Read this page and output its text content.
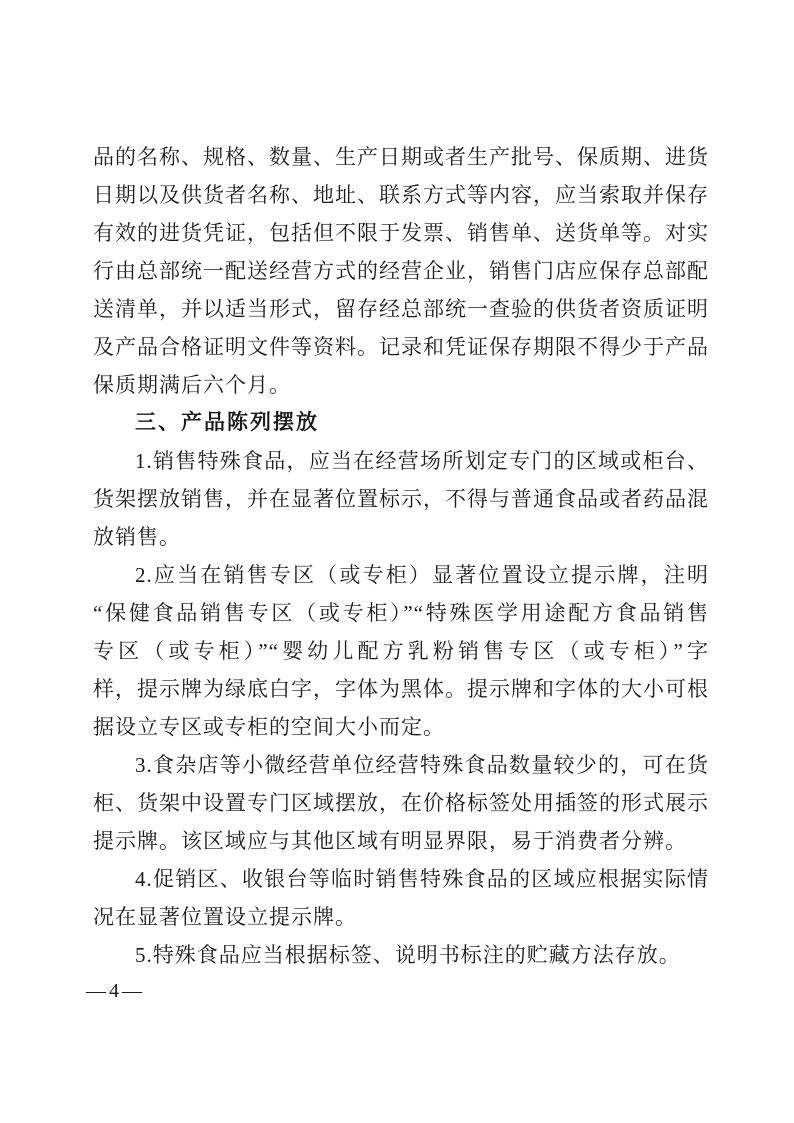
品的名称、规格、数量、生产日期或者生产批号、保质期、进货
日期以及供货者名称、地址、联系方式等内容，应当索取并保存
有效的进货凭证，包括但不限于发票、销售单、送货单等。对实
行由总部统一配送经营方式的经营企业，销售门店应保存总部配
送清单，并以适当形式，留存经总部统一查验的供货者资质证明
及产品合格证明文件等资料。记录和凭证保存期限不得少于产品
保质期满后六个月。
三、产品陈列摆放
1.销售特殊食品，应当在经营场所划定专门的区域或柜台、
货架摆放销售，并在显著位置标示，不得与普通食品或者药品混
放销售。
2.应当在销售专区（或专柜）显著位置设立提示牌，注明
“保健食品销售专区（或专柜）”“特殊医学用途配方食品销售
专区（或专柜）”“婴幼儿配方乳粉销售专区（或专柜）”字
样，提示牌为绿底白字，字体为黑体。提示牌和字体的大小可根
据设立专区或专柜的空间大小而定。
3.食杂店等小微经营单位经营特殊食品数量较少的，可在货
柜、货架中设置专门区域摆放，在价格标签处用插签的形式展示
提示牌。该区域应与其他区域有明显界限，易于消费者分辨。
4.促销区、收银台等临时销售特殊食品的区域应根据实际情
况在显著位置设立提示牌。
5.特殊食品应当根据标签、说明书标注的贮藏方法存放。
—4—
